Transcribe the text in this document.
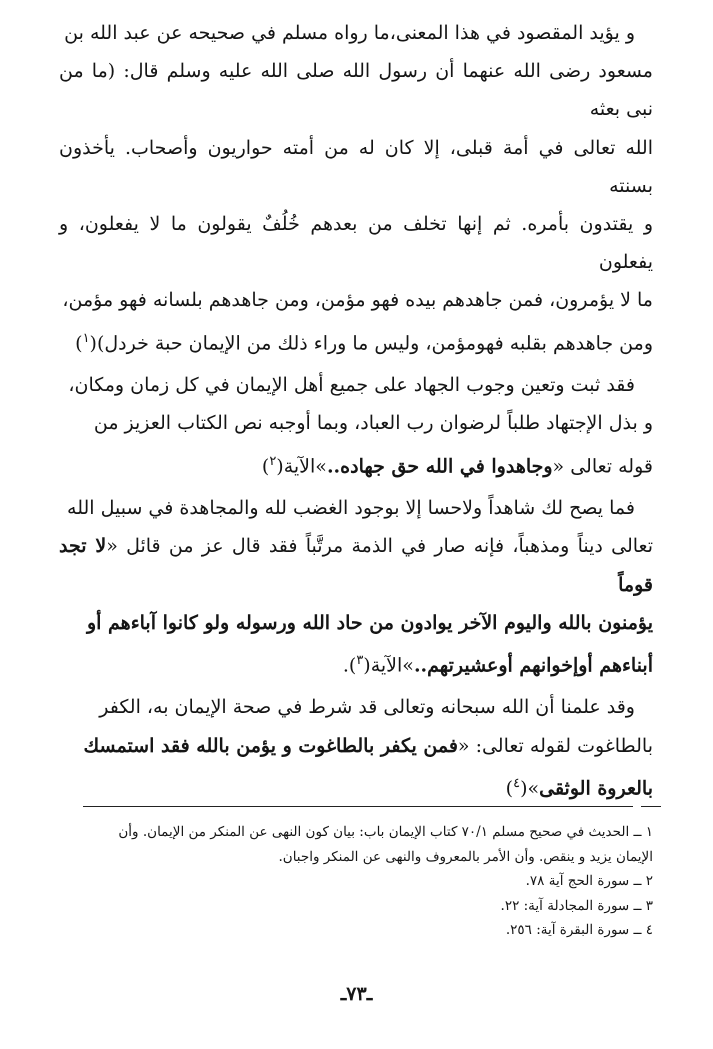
و يؤيد المقصود في هذا المعنى،ما رواه مسلم في صحيحه عن عبد الله بن
مسعود رضى الله عنهما أن رسول الله صلى الله عليه وسلم قال: (ما من نبى بعثه
الله تعالى في أمة قبلى، إلا كان له من أمته حواريون وأصحاب. يأخذون بسنته
و يقتدون بأمره. ثم إنها تخلف من بعدهم خُلُفٌ يقولون ما لا يفعلون، و يفعلون
ما لا يؤمرون، فمن جاهدهم بيده فهو مؤمن، ومن جاهدهم بلسانه فهو مؤمن،
ومن جاهدهم بقلبه فهومؤمن، وليس ما وراء ذلك من الإيمان حبة خردل)($^١$)

فقد ثبت وتعين وجوب الجهاد على جميع أهل الإيمان في كل زمان ومكان،
و بذل الإجتهاد طلباً لرضوان رب العباد، وبما أوجبه نص الكتاب العزيز من
قوله تعالى «وجاهدوا في الله حق جهاده..»الآية($^٢$)

فما يصح لك شاهداً ولاحسا إلا بوجود الغضب لله والمجاهدة في سبيل الله
تعالى ديناً ومذهباً، فإنه صار في الذمة مرتَّباً فقد قال عز من قائل «لا تجد قوماً
يؤمنون بالله واليوم الآخر يوادون من حاد الله ورسوله ولو كانوا آباءهم أو
أبناءهم أوإخوانهم أوعشيرتهم..»الآية($^٣$).

وقد علمنا أن الله سبحانه وتعالى قد شرط في صحة الإيمان به، الكفر
بالطاغوت لقوله تعالى: «فمن يكفر بالطاغوت و يؤمن بالله فقد استمسك
بالعروة الوثقى»($^٤$)

١ ــ الحديث في صحيح مسلم ٧٠/١ كتاب الإيمان باب: بيان كون النهى عن المنكر من الإيمان. وأن

الإيمان يزيد و ينقص. وأن الأمر بالمعروف والنهى عن المنكر واجبان.

٢ ــ سورة الحج آية ٧٨.

٣ ــ سورة المجادلة آية: ٢٢.

٤ ــ سورة البقرة آية: ٢٥٦.

ـ٧٣ـ
